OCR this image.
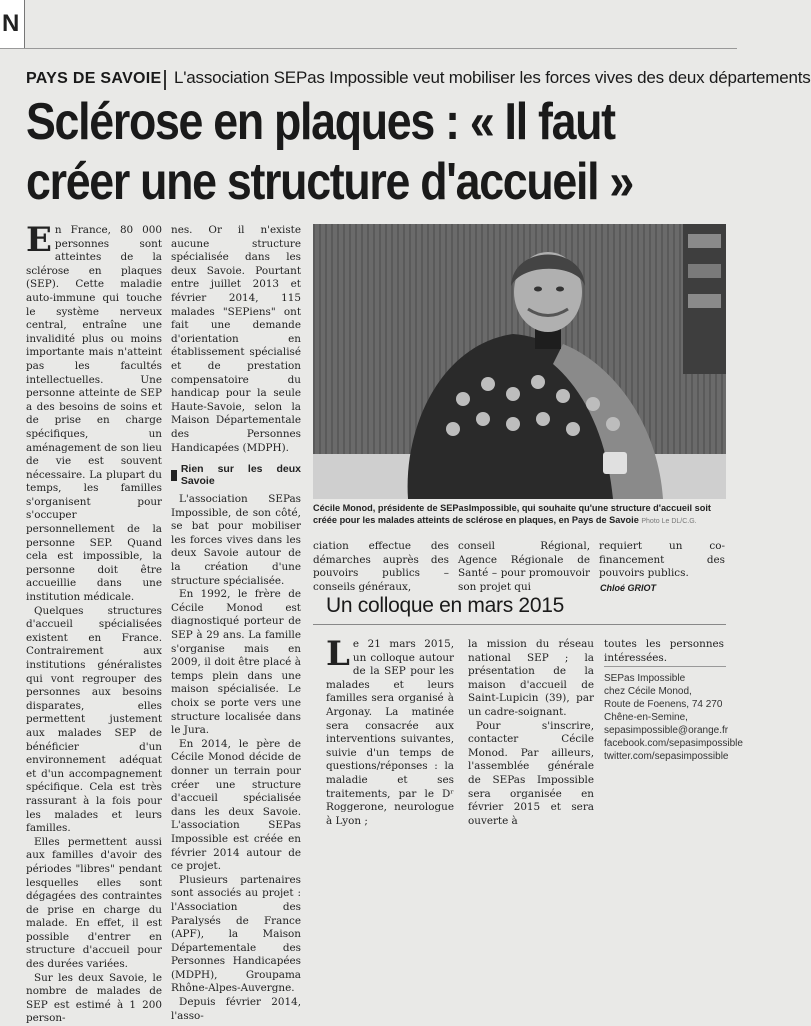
N
PAYS DE SAVOIE L'association SEPas Impossible veut mobiliser les forces vives des deux départements
Sclérose en plaques : « Il faut
créer une structure d'accueil »

En France, 80 000 personnes sont atteintes de la sclérose en plaques (SEP). Cette maladie auto-immune qui touche le système nerveux central, entraîne une invalidité plus ou moins importante mais n'atteint pas les facultés intellectuelles. Une personne atteinte de SEP a des besoins de soins et de prise en charge spécifiques, un aménagement de son lieu de vie est souvent nécessaire. La plupart du temps, les familles s'organisent pour s'occuper personnellement de la personne SEP. Quand cela est impossible, la personne doit être accueillie dans une institution médicale.

Quelques structures d'accueil spécialisées existent en France. Contrairement aux institutions généralistes qui vont regrouper des personnes aux besoins disparates, elles permettent justement aux malades SEP de bénéficier d'un environnement adéquat et d'un accompagnement spécifique. Cela est très rassurant à la fois pour les malades et leurs familles.

Elles permettent aussi aux familles d'avoir des périodes "libres" pendant lesquelles elles sont dégagées des contraintes de prise en charge du malade. En effet, il est possible d'entrer en structure d'accueil pour des durées variées.

Sur les deux Savoie, le nombre de malades de SEP est estimé à 1 200 person-

nes. Or il n'existe aucune structure spécialisée dans les deux Savoie. Pourtant entre juillet 2013 et février 2014, 115 malades "SEPiens" ont fait une demande d'orientation en établissement spécialisé et de prestation compensatoire du handicap pour la seule Haute-Savoie, selon la Maison Départementale des Personnes Handicapées (MDPH).

Rien sur les deux Savoie

L'association SEPas Impossible, de son côté, se bat pour mobiliser les forces vives dans les deux Savoie autour de la création d'une structure spécialisée.

En 1992, le frère de Cécile Monod est diagnostiqué porteur de SEP à 29 ans. La famille s'organise mais en 2009, il doit être placé à temps plein dans une maison spécialisée. Le choix se porte vers une structure localisée dans le Jura.

En 2014, le père de Cécile Monod décide de donner un terrain pour créer une structure d'accueil spécialisée dans les deux Savoie. L'association SEPas Impossible est créée en février 2014 autour de ce projet.

Plusieurs partenaires sont associés au projet : l'Association des Paralysés de France (APF), la Maison Départementale des Personnes Handicapées (MDPH), Groupama Rhône-Alpes-Auvergne.

Depuis février 2014, l'asso-

Cécile Monod, présidente de SEPasImpossible, qui souhaite qu'une structure d'accueil soit créée pour les malades atteints de sclérose en plaques, en Pays de Savoie Photo Le DL/C.G.

ciation effectue des démarches auprès des pouvoirs publics – conseils généraux,

conseil Régional, Agence Régionale de Santé – pour promouvoir son projet qui

requiert un co-financement des pouvoirs publics.

Chloé GRIOT
Un colloque en mars 2015

Le 21 mars 2015, un colloque autour de la SEP pour les malades et leurs familles sera organisé à Argonay. La matinée sera consacrée aux interventions suivantes, suivie d'un temps de questions/réponses : la maladie et ses traitements, par le Dʳ Roggerone, neurologue à Lyon ;

la mission du réseau national SEP ; la présentation de la maison d'accueil de Saint-Lupicin (39), par un cadre-soignant.

Pour s'inscrire, contacter Cécile Monod. Par ailleurs, l'assemblée générale de SEPas Impossible sera organisée en février 2015 et sera ouverte à

toutes les personnes intéressées.

SEPas Impossible
chez Cécile Monod,
Route de Foenens, 74 270
Chêne-en-Semine,
sepasimpossible@orange.fr
facebook.com/sepasimpossible
twitter.com/sepasimpossible
